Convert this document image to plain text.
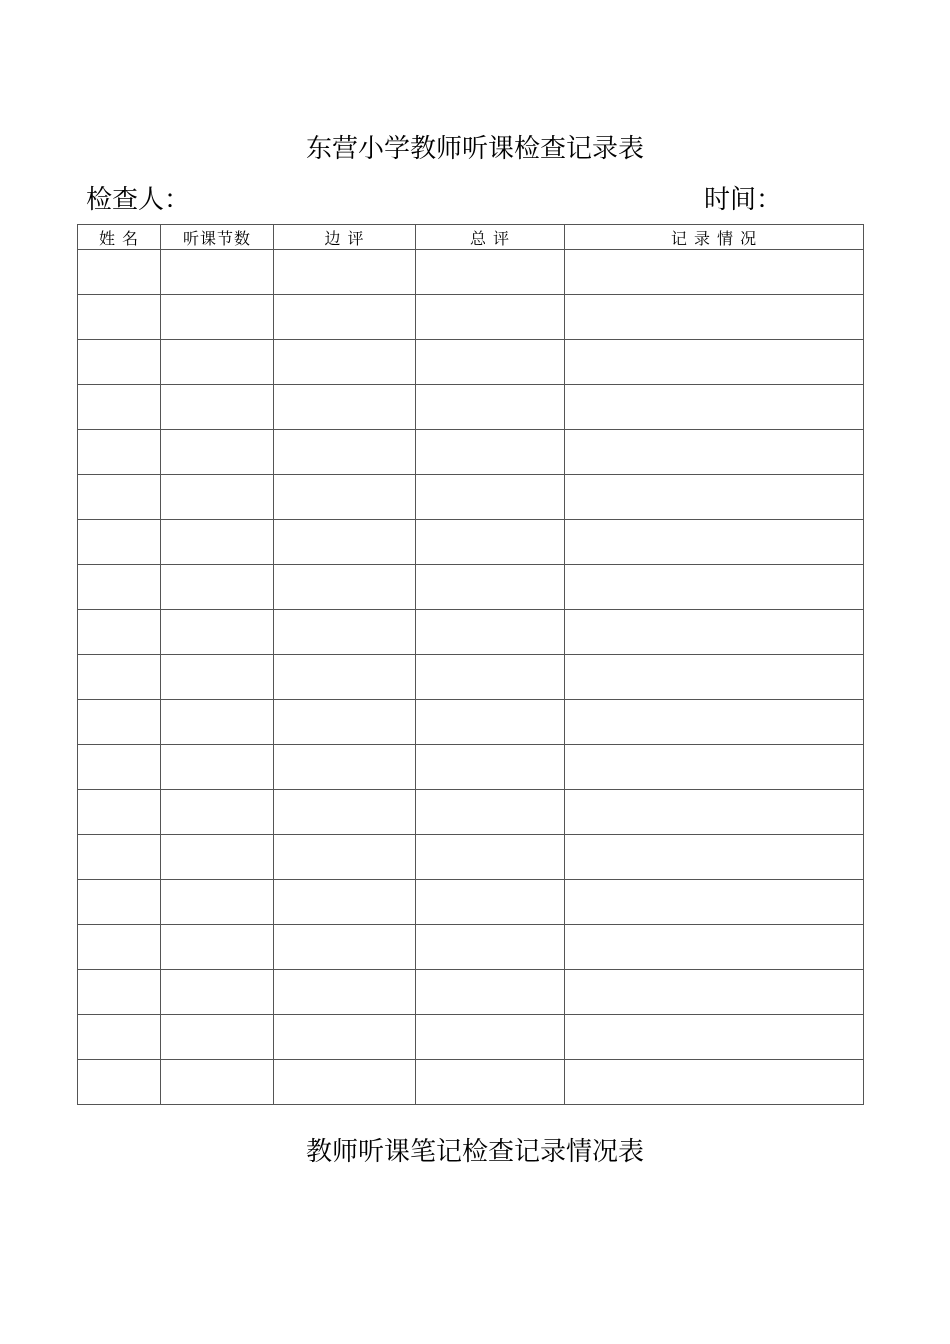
东营小学教师听课检查记录表
检查人：	时间：
姓 名	听课节数	边 评	总 评	记 录 情 况

教师听课笔记检查记录情况表
